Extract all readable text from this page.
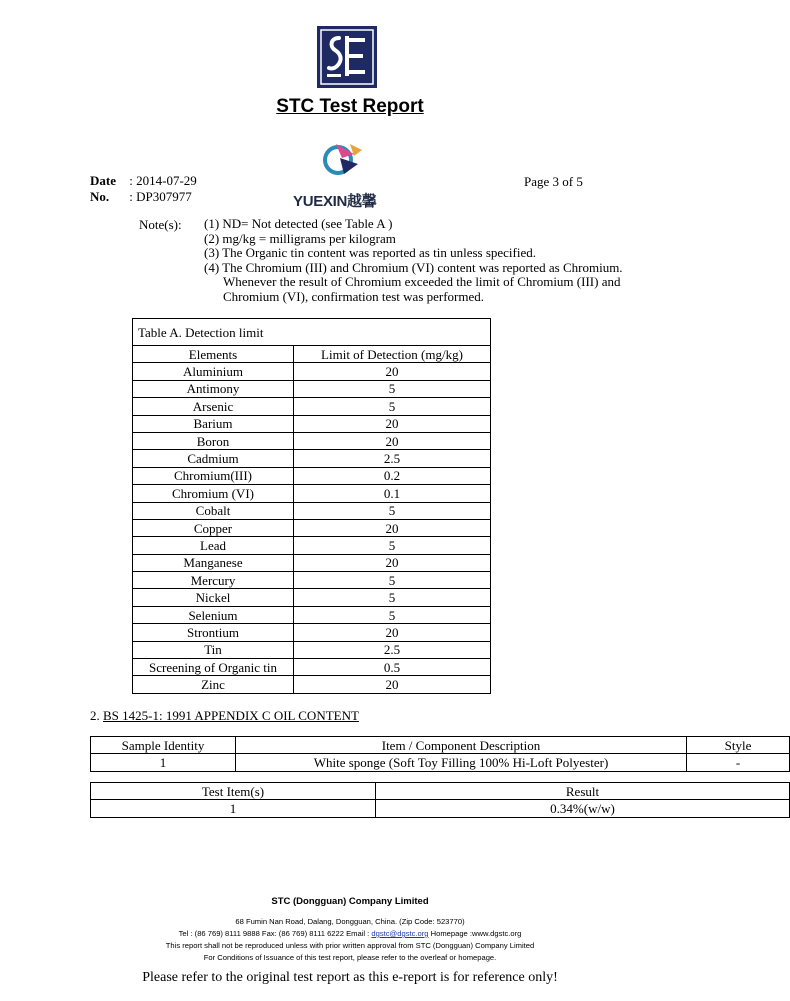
STC Test Report
Date : 2014-07-29
No. : DP307977
Page 3 of 5
YUEXIN越馨
Note(s): (1) ND= Not detected (see Table A )
(2) mg/kg = milligrams per kilogram
(3) The Organic tin content was reported as tin unless specified.
(4) The Chromium (III) and Chromium (VI) content was reported as Chromium.
Whenever the result of Chromium exceeded the limit of Chromium (III) and
Chromium (VI), confirmation test was performed.
Table A. Detection limit
Elements	Limit of Detection (mg/kg)
Aluminium	20
Antimony	5
Arsenic	5
Barium	20
Boron	20
Cadmium	2.5
Chromium(III)	0.2
Chromium (VI)	0.1
Cobalt	5
Copper	20
Lead	5
Manganese	20
Mercury	5
Nickel	5
Selenium	5
Strontium	20
Tin	2.5
Screening of Organic tin	0.5
Zinc	20
2. BS 1425-1: 1991 APPENDIX C OIL CONTENT
Sample Identity	Item / Component Description	Style
1	White sponge (Soft Toy Filling 100% Hi-Loft Polyester)	-
Test Item(s)	Result
1	0.34%(w/w)
STC (Dongguan) Company Limited
68 Fumin Nan Road, Dalang, Dongguan, China. (Zip Code: 523770)
Tel : (86 769) 8111 9888 Fax: (86 769) 8111 6222 Email : dgstc@dgstc.org Homepage :www.dgstc.org
This report shall not be reproduced unless with prior written approval from STC (Dongguan) Company Limited
For Conditions of Issuance of this test report, please refer to the overleaf or homepage.
Please refer to the original test report as this e-report is for reference only!
